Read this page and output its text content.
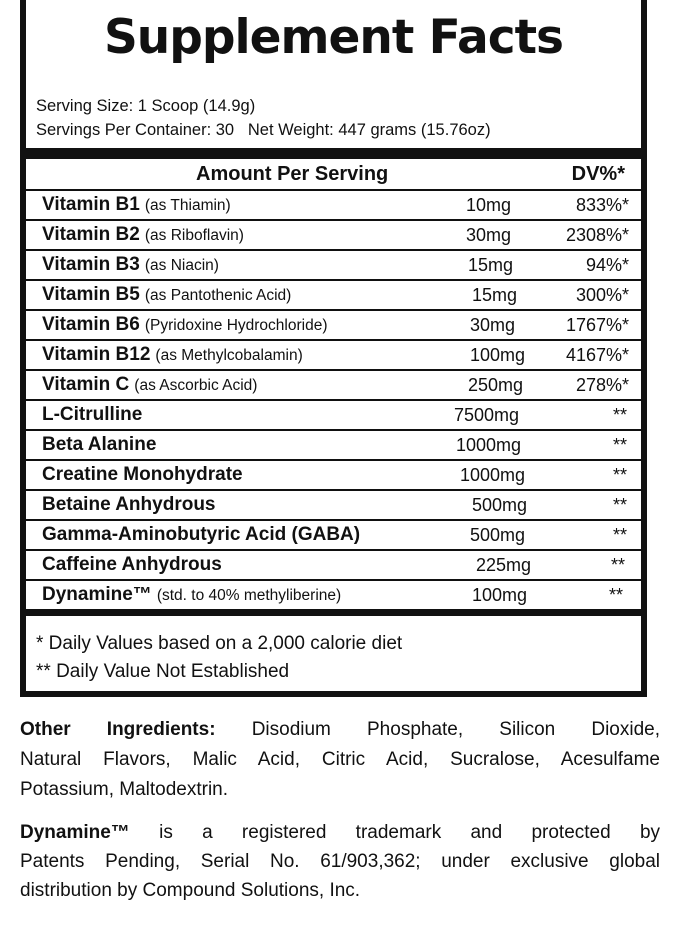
Supplement Facts
Serving Size: 1 Scoop (14.9g)
Servings Per Container: 30   Net Weight: 447 grams (15.76oz)
Amount Per Serving	DV%*
Vitamin B1 (as Thiamin)	10mg	833%*
Vitamin B2 (as Riboflavin)	30mg	2308%*
Vitamin B3 (as Niacin)	15mg	94%*
Vitamin B5 (as Pantothenic Acid)	15mg	300%*
Vitamin B6 (Pyridoxine Hydrochloride)	30mg	1767%*
Vitamin B12 (as Methylcobalamin)	100mg 4167%*
Vitamin C (as Ascorbic Acid)	250mg	278%*
L-Citrulline	7500mg	**
Beta Alanine	1000mg	**
Creatine Monohydrate	1000mg	**
Betaine Anhydrous	500mg	**
Gamma-Aminobutyric Acid (GABA)	500mg	**
Caffeine Anhydrous	225mg	**
Dynamine™ (std. to 40% methyliberine)	100mg	**
* Daily Values based on a 2,000 calorie diet
** Daily Value Not Established
Other Ingredients: Disodium Phosphate, Silicon Dioxide,
Natural Flavors, Malic Acid, Citric Acid, Sucralose, Acesulfame
Potassium, Maltodextrin.
Dynamine™ is a registered trademark and protected by
Patents Pending, Serial No. 61/903,362; under exclusive global
distribution by Compound Solutions, Inc.
